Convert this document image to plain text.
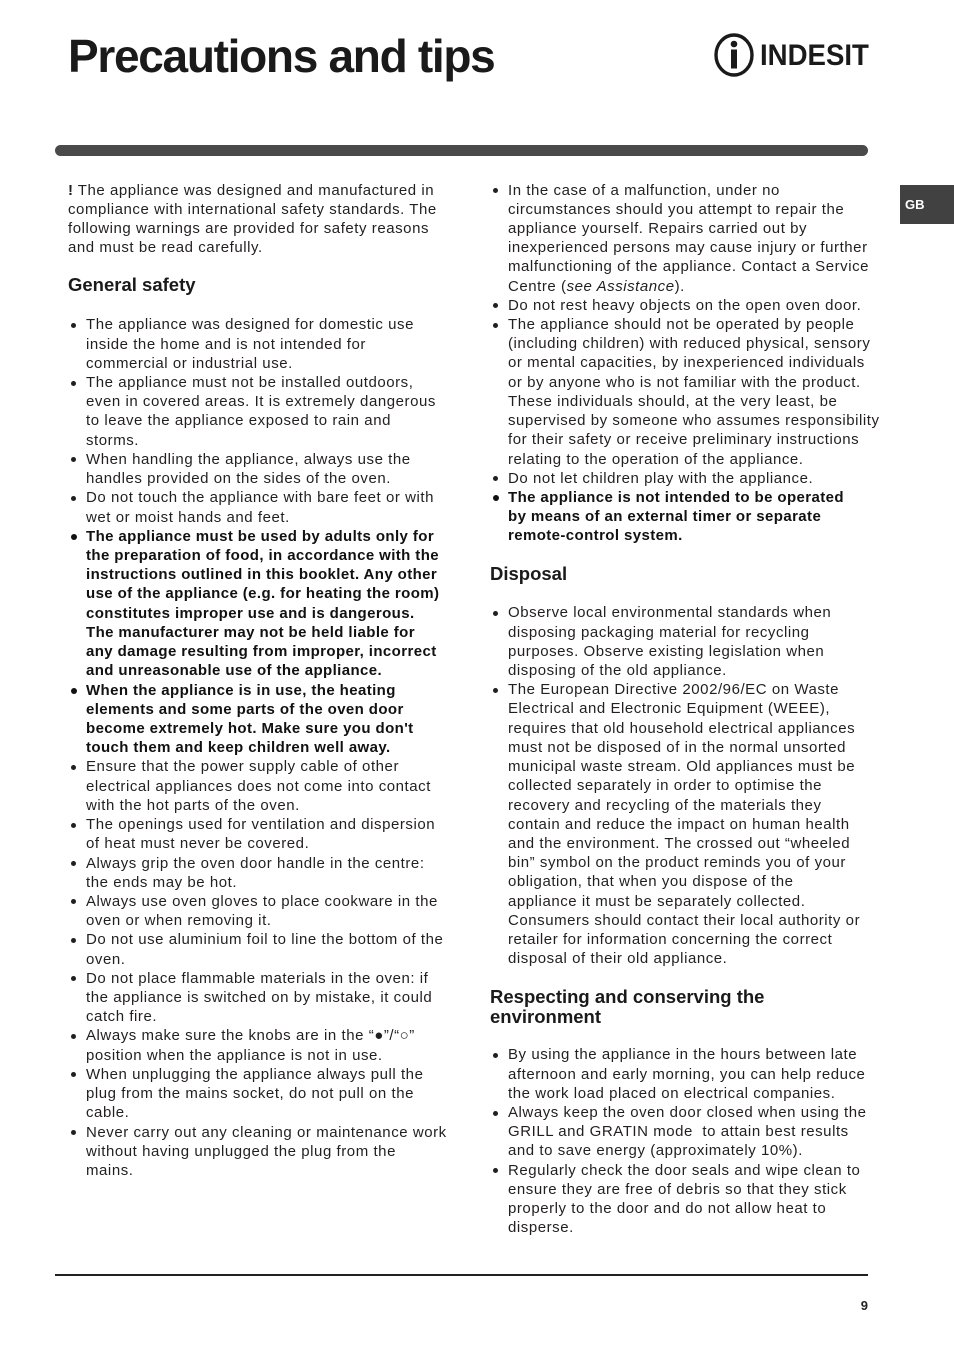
Precautions and tips	INDESIT
GB
! The appliance was designed and manufactured in
compliance with international safety standards. The
following warnings are provided for safety reasons
and must be read carefully.
General safety
The appliance was designed for domestic use
inside the home and is not intended for
commercial or industrial use.
The appliance must not be installed outdoors,
even in covered areas. It is extremely dangerous
to leave the appliance exposed to rain and
storms.
When handling the appliance, always use the
handles provided on the sides of the oven.
Do not touch the appliance with bare feet or with
wet or moist hands and feet.
The appliance must be used by adults only for
the preparation of food, in accordance with the
instructions outlined in this booklet. Any other
use of the appliance (e.g. for heating the room)
constitutes improper use and is dangerous.
The manufacturer may not be held liable for
any damage resulting from improper, incorrect
and unreasonable use of the appliance.
When the appliance is in use, the heating
elements and some parts of the oven door
become extremely hot. Make sure you don't
touch them and keep children well away.
Ensure that the power supply cable of other
electrical appliances does not come into contact
with the hot parts of the oven.
The openings used for ventilation and dispersion
of heat must never be covered.
Always grip the oven door handle in the centre:
the ends may be hot.
Always use oven gloves to place cookware in the
oven or when removing it.
Do not use aluminium foil to line the bottom of the
oven.
Do not place flammable materials in the oven: if
the appliance is switched on by mistake, it could
catch fire.
Always make sure the knobs are in the “●”/“○”
position when the appliance is not in use.
When unplugging the appliance always pull the
plug from the mains socket, do not pull on the
cable.
Never carry out any cleaning or maintenance work
without having unplugged the plug from the
mains.
In the case of a malfunction, under no
circumstances should you attempt to repair the
appliance yourself. Repairs carried out by
inexperienced persons may cause injury or further
malfunctioning of the appliance. Contact a Service
Centre (see Assistance).
Do not rest heavy objects on the open oven door.
The appliance should not be operated by people
(including children) with reduced physical, sensory
or mental capacities, by inexperienced individuals
or by anyone who is not familiar with the product.
These individuals should, at the very least, be
supervised by someone who assumes responsibility
for their safety or receive preliminary instructions
relating to the operation of the appliance.
Do not let children play with the appliance.
The appliance is not intended to be operated
by means of an external timer or separate
remote-control system.
Disposal
Observe local environmental standards when
disposing packaging material for recycling
purposes. Observe existing legislation when
disposing of the old appliance.
The European Directive 2002/96/EC on Waste
Electrical and Electronic Equipment (WEEE),
requires that old household electrical appliances
must not be disposed of in the normal unsorted
municipal waste stream. Old appliances must be
collected separately in order to optimise the
recovery and recycling of the materials they
contain and reduce the impact on human health
and the environment. The crossed out “wheeled
bin” symbol on the product reminds you of your
obligation, that when you dispose of the
appliance it must be separately collected.
Consumers should contact their local authority or
retailer for information concerning the correct
disposal of their old appliance.
Respecting and conserving the environment
By using the appliance in the hours between late
afternoon and early morning, you can help reduce
the work load placed on electrical companies.
Always keep the oven door closed when using the
GRILL and GRATIN mode  to attain best results
and to save energy (approximately 10%).
Regularly check the door seals and wipe clean to
ensure they are free of debris so that they stick
properly to the door and do not allow heat to
disperse.
9
